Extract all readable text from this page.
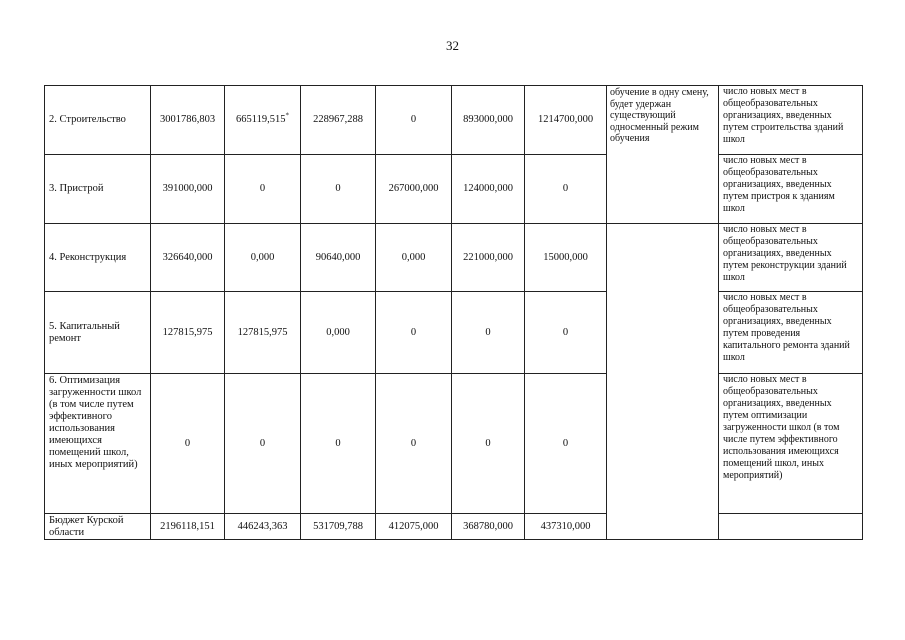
32
2. Строительство	3001786,803	665119,515*	228967,288	0	893000,000	1214700,000	обучение в одну смену, будет удержан существующий односменный режим обучения	число новых мест в общеобразовательных организациях, введенных путем строительства зданий школ
3. Пристрой	391000,000	0	0	267000,000	124000,000	0		число новых мест в общеобразовательных организациях, введенных путем пристроя к зданиям школ
4. Реконструкция	326640,000	0,000	90640,000	0,000	221000,000	15000,000		число новых мест в общеобразовательных организациях, введенных путем реконструкции зданий школ
5. Капитальный ремонт	127815,975	127815,975	0,000	0	0	0		число новых мест в общеобразовательных организациях, введенных путем проведения капитального ремонта зданий школ
6. Оптимизация загруженности школ (в том числе путем эффективного использования имеющихся помещений школ, иных мероприятий)	0	0	0	0	0	0		число новых мест в общеобразовательных организациях, введенных путем оптимизации загруженности школ (в том числе путем эффективного использования имеющихся помещений школ, иных мероприятий)
Бюджет Курской области	2196118,151	446243,363	531709,788	412075,000	368780,000	437310,000		
